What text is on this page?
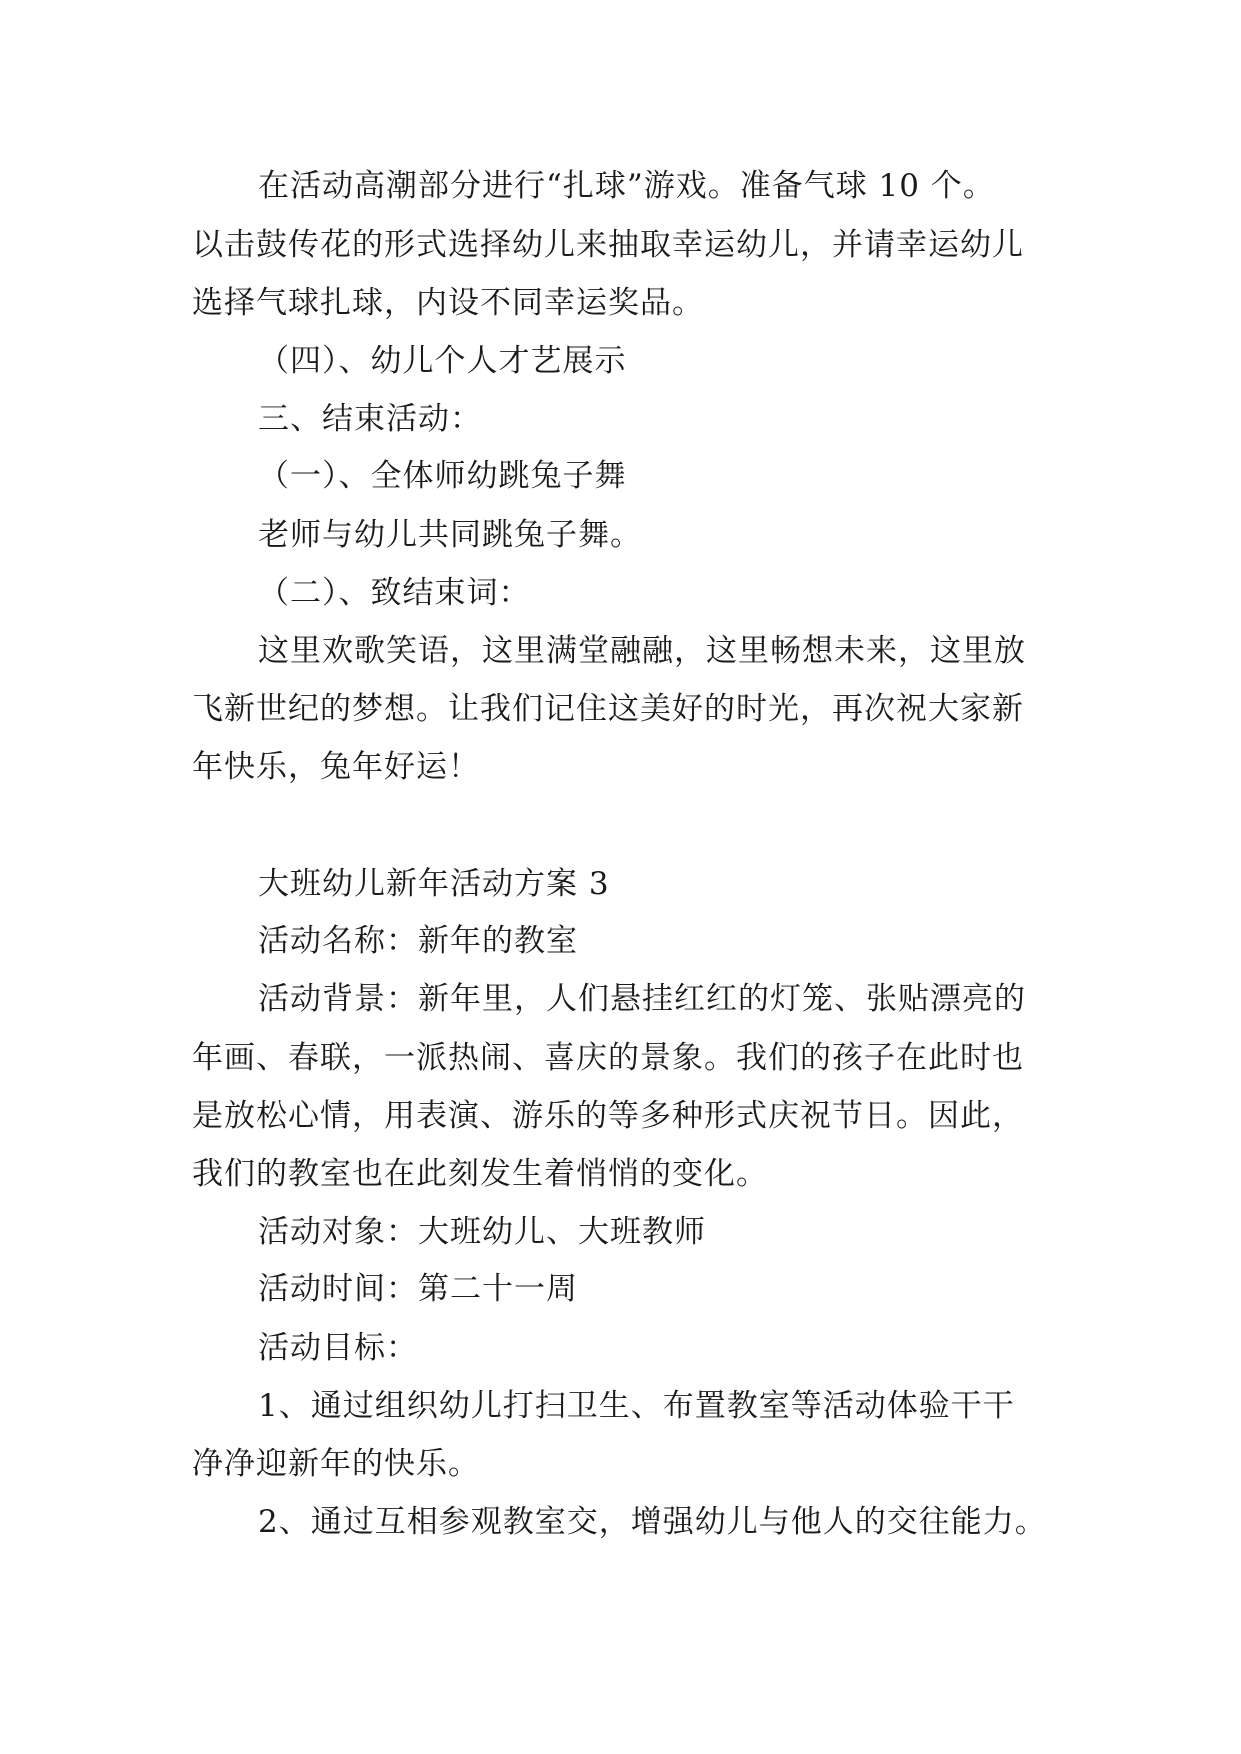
在活动高潮部分进行“扎球”游戏。准备气球 10 个。
以击鼓传花的形式选择幼儿来抽取幸运幼儿，并请幸运幼儿
选择气球扎球，内设不同幸运奖品。
（四）、幼儿个人才艺展示
三、结束活动：
（一）、全体师幼跳兔子舞
老师与幼儿共同跳兔子舞。
（二）、致结束词：
这里欢歌笑语，这里满堂融融，这里畅想未来，这里放
飞新世纪的梦想。让我们记住这美好的时光，再次祝大家新
年快乐，兔年好运！
大班幼儿新年活动方案 3
活动名称：新年的教室
活动背景：新年里，人们悬挂红红的灯笼、张贴漂亮的
年画、春联，一派热闹、喜庆的景象。我们的孩子在此时也
是放松心情，用表演、游乐的等多种形式庆祝节日。因此，
我们的教室也在此刻发生着悄悄的变化。
活动对象：大班幼儿、大班教师
活动时间：第二十一周
活动目标：
1、通过组织幼儿打扫卫生、布置教室等活动体验干干
净净迎新年的快乐。
2、通过互相参观教室交，增强幼儿与他人的交往能力。
